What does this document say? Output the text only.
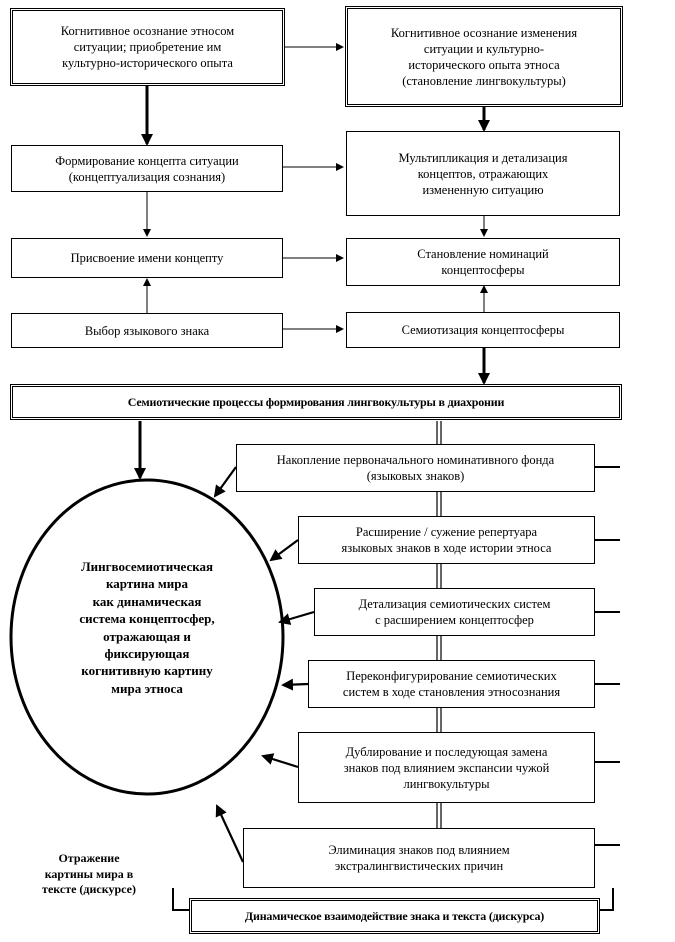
Когнитивное осознание этносом
ситуации; приобретение им
культурно-исторического опыта
Когнитивное осознание изменения
ситуации и культурно-
исторического опыта этноса
(становление лингвокультуры)
Формирование концепта ситуации
(концептуализация сознания)
Мультипликация и детализация
концептов, отражающих
измененную ситуацию
Присвоение имени концепту	Становление номинаций
концептосферы
Выбор языкового знака	Семиотизация концептосферы
Семиотические процессы формирования лингвокультуры в диахронии
Динамическое взаимодействие знака и текста (дискурса)
Накопление первоначального номинативного фонда
(языковых знаков)
Расширение / сужение репертуара
языковых знаков в ходе истории этноса
Детализация семиотических систем
с расширением концептосфер
Переконфигурирование семиотических
систем в ходе становления этносознания
Дублирование и последующая замена
знаков под влиянием экспансии чужой
лингвокультуры
Элиминация знаков под влиянием
экстралингвистических причин
Лингвосемиотическая
картина мира
как динамическая
система концептосфер,
отражающая и
фиксирующая
когнитивную картину
мира этноса
Отражение
картины мира в
тексте (дискурсе)
